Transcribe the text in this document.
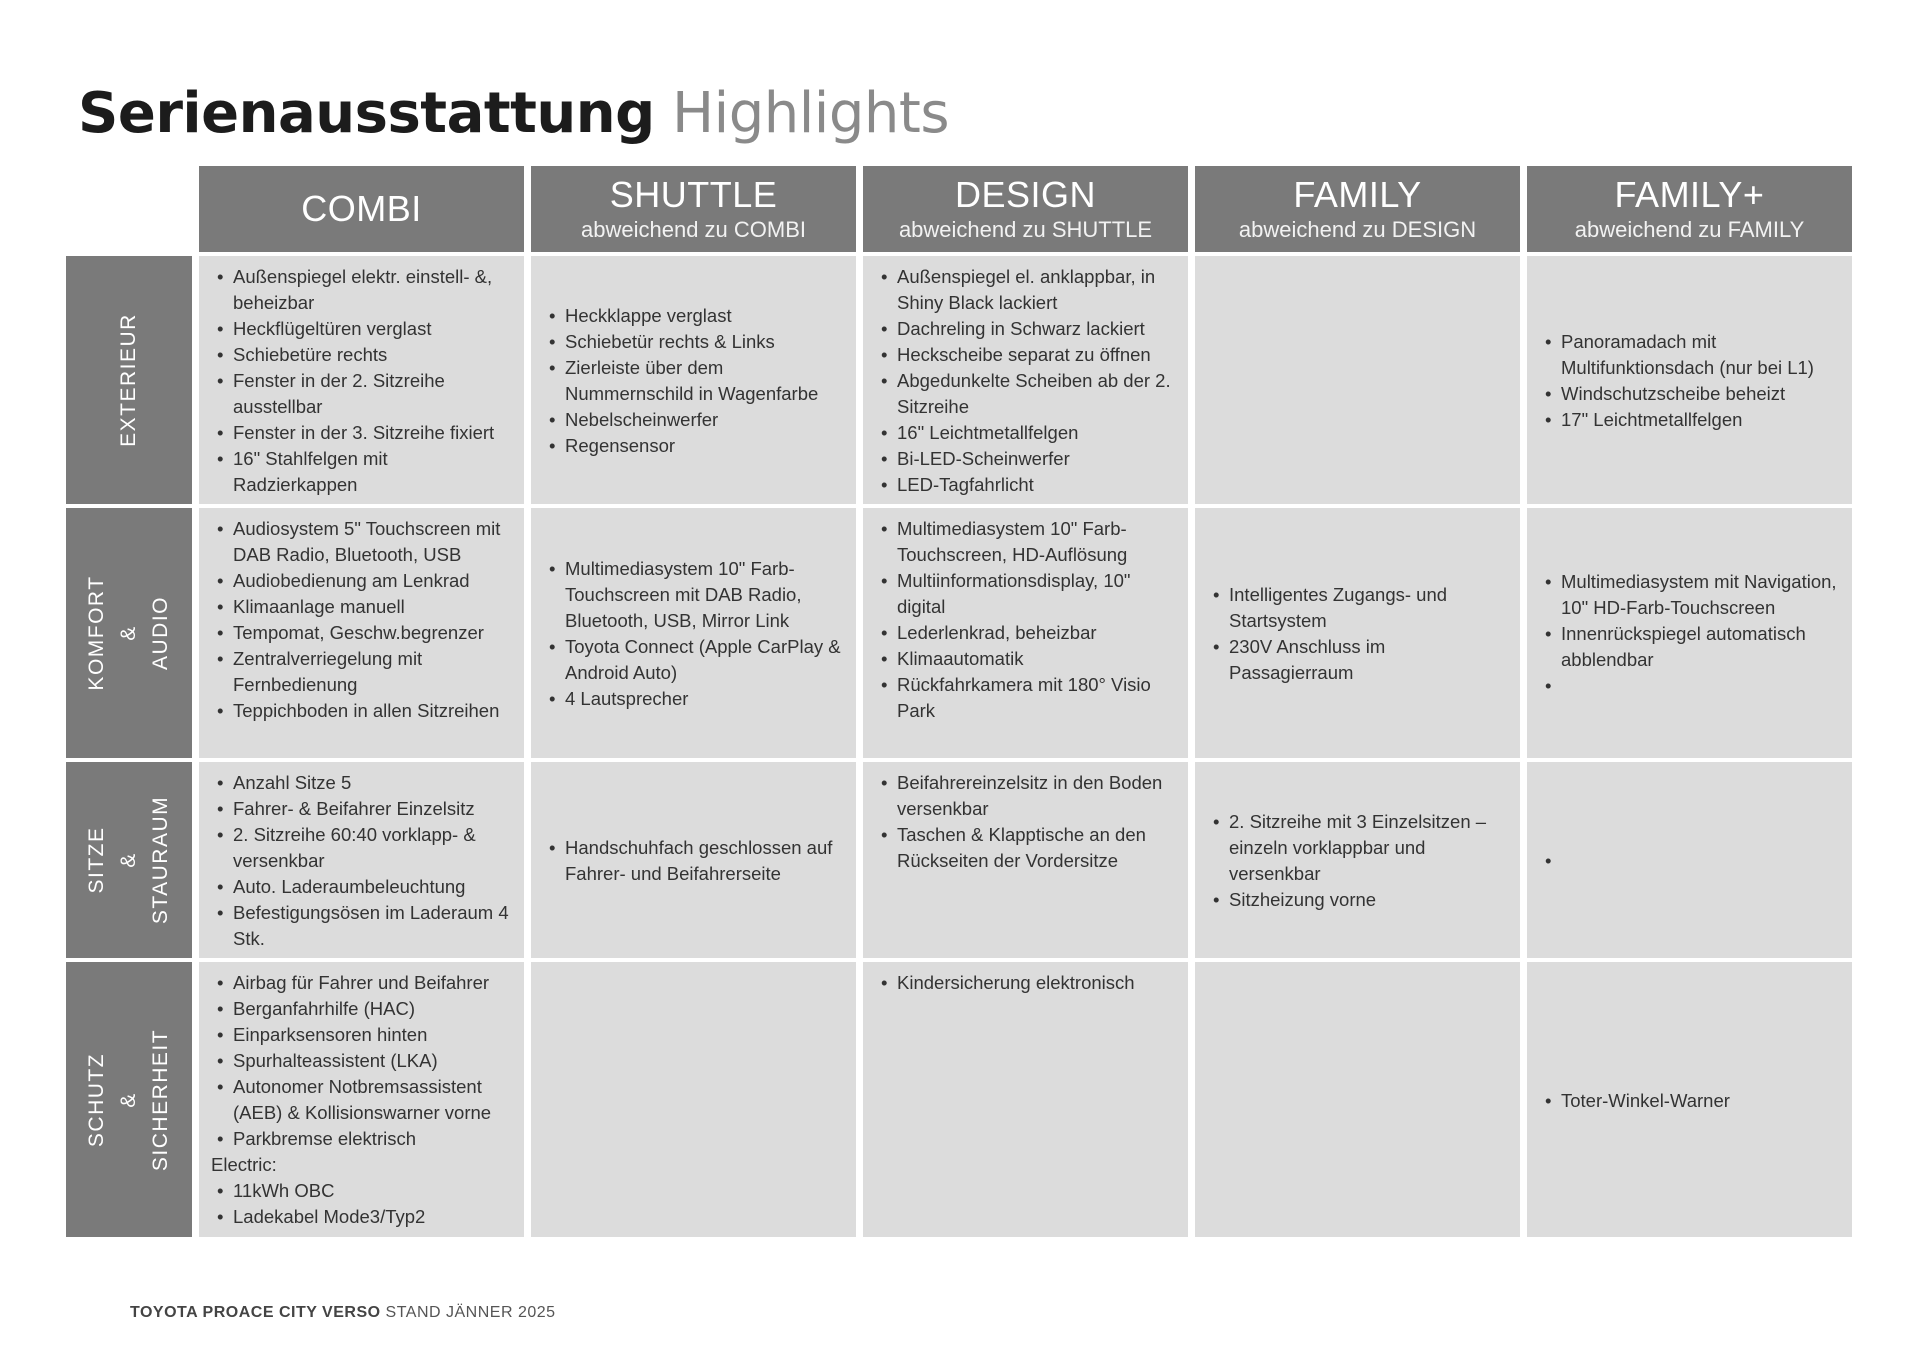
Serienausstattung Highlights
COMBI	SHUTTLE
abweichend zu COMBI
DESIGN
abweichend zu SHUTTLE
FAMILY
abweichend zu DESIGN
FAMILY+
abweichend zu FAMILY
EXTERIEUR
• Außenspiegel elektr. einstell- &, beheizbar
• Heckflügeltüren verglast
• Schiebetüre rechts
• Fenster in der 2. Sitzreihe ausstellbar
• Fenster in der 3. Sitzreihe fixiert
• 16" Stahlfelgen mit Radzierkappen
• Heckklappe verglast
• Schiebetür rechts & Links
• Zierleiste über dem Nummernschild in Wagenfarbe
• Nebelscheinwerfer
• Regensensor
• Außenspiegel el. anklappbar, in Shiny Black lackiert
• Dachreling in Schwarz lackiert
• Heckscheibe separat zu öffnen
• Abgedunkelte Scheiben ab der 2. Sitzreihe
• 16" Leichtmetallfelgen
• Bi-LED-Scheinwerfer
• LED-Tagfahrlicht
• Panoramadach mit Multifunktionsdach (nur bei L1)
• Windschutzscheibe beheizt
• 17" Leichtmetallfelgen
KOMFORT & AUDIO
• Audiosystem 5" Touchscreen mit DAB Radio, Bluetooth, USB
• Audiobedienung am Lenkrad
• Klimaanlage manuell
• Tempomat, Geschw.begrenzer
• Zentralverriegelung mit Fernbedienung
• Teppichboden in allen Sitzreihen
• Multimediasystem 10" Farb-Touchscreen mit DAB Radio, Bluetooth, USB, Mirror Link
• Toyota Connect (Apple CarPlay & Android Auto)
• 4 Lautsprecher
• Multimediasystem 10" Farb-Touchscreen, HD-Auflösung
• Multiinformationsdisplay, 10" digital
• Lederlenkrad, beheizbar
• Klimaautomatik
• Rückfahrkamera mit 180° Visio Park
• Intelligentes Zugangs- und Startsystem
• 230V Anschluss im Passagierraum
• Multimediasystem mit Navigation, 10" HD-Farb-Touchscreen
• Innenrückspiegel automatisch abblendbar
•
SITZE & STAURAUM
• Anzahl Sitze 5
• Fahrer- & Beifahrer Einzelsitz
• 2. Sitzreihe 60:40 vorklapp- & versenkbar
• Auto. Laderaumbeleuchtung
• Befestigungsösen im Laderaum 4 Stk.
• Handschuhfach geschlossen auf Fahrer- und Beifahrerseite
• Beifahrereinzelsitz in den Boden versenkbar
• Taschen & Klapptische an den Rückseiten der Vordersitze
• 2. Sitzreihe mit 3 Einzelsitzen – einzeln vorklappbar und versenkbar
• Sitzheizung vorne
•
SCHUTZ & SICHERHEIT
• Airbag für Fahrer und Beifahrer
• Berganfahrhilfe (HAC)
• Einparksensoren hinten
• Spurhalteassistent (LKA)
• Autonomer Notbremsassistent (AEB) & Kollisionswarner vorne
• Parkbremse elektrisch
Electric:
• 11kWh OBC
• Ladekabel Mode3/Typ2
• Kindersicherung elektronisch
• Toter-Winkel-Warner
TOYOTA PROACE CITY VERSO STAND JÄNNER 2025
